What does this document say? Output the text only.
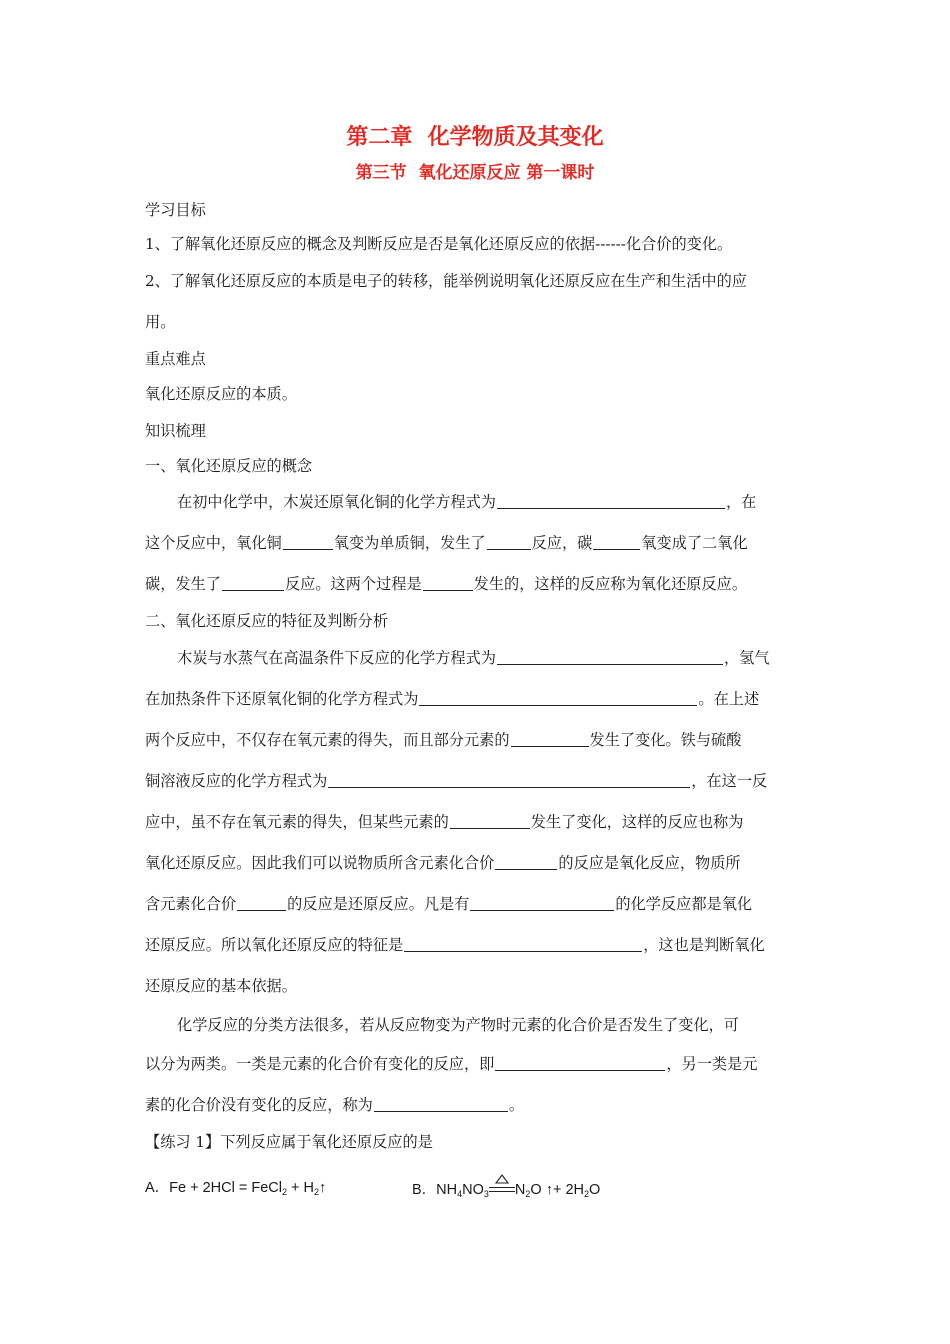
第二章  化学物质及其变化
第三节  氧化还原反应 第一课时
学习目标
1、了解氧化还原反应的概念及判断反应是否是氧化还原反应的依据------化合价的变化。
2、了解氧化还原反应的本质是电子的转移，能举例说明氧化还原反应在生产和生活中的应
用。
重点难点
氧化还原反应的本质。
知识梳理
一、氧化还原反应的概念
在初中化学中，木炭还原氧化铜的化学方程式为	，在
这个反应中，氧化铜	氧变为单质铜，发生了	反应，碳	氧变成了二氧化
碳，发生了	反应。这两个过程是	发生的，这样的反应称为氧化还原反应。
二、氧化还原反应的特征及判断分析
木炭与水蒸气在高温条件下反应的化学方程式为	，氢气
在加热条件下还原氧化铜的化学方程式为	。在上述
两个反应中，不仅存在氧元素的得失，而且部分元素的	发生了变化。铁与硫酸
铜溶液反应的化学方程式为	，在这一反
应中，虽不存在氧元素的得失，但某些元素的	发生了变化，这样的反应也称为
氧化还原反应。因此我们可以说物质所含元素化合价	的反应是氧化反应，物质所
含元素化合价	的反应是还原反应。凡是有	的化学反应都是氧化
还原反应。所以氧化还原反应的特征是	，这也是判断氧化
还原反应的基本依据。
化学反应的分类方法很多，若从反应物变为产物时元素的化合价是否发生了变化，可
以分为两类。一类是元素的化合价有变化的反应，即	，另一类是元
素的化合价没有变化的反应，称为	。
【练习 1】下列反应属于氧化还原反应的是
A．Fe + 2HCl = FeCl$_2$ + $H_2↑$	B．$NH_4NO_3$ $N_2O$ ↑+ $2H_2O$
